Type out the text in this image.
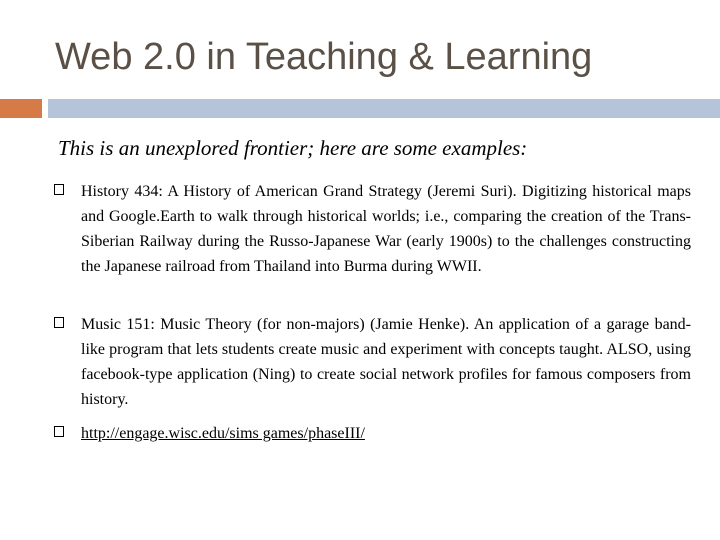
Web 2.0 in Teaching & Learning
This is an unexplored frontier; here are some examples:
History 434: A History of American Grand Strategy (Jeremi Suri). Digitizing historical maps and Google.Earth to walk through historical worlds; i.e., comparing the creation of the Trans-Siberian Railway during the Russo-Japanese War (early 1900s) to the challenges constructing the Japanese railroad from Thailand into Burma during WWII.
Music 151: Music Theory (for non-majors) (Jamie Henke). An application of a garage band-like program that lets students create music and experiment with concepts taught. ALSO, using facebook-type application (Ning) to create social network profiles for famous composers from history.
http://engage.wisc.edu/sims games/phaseIII/
